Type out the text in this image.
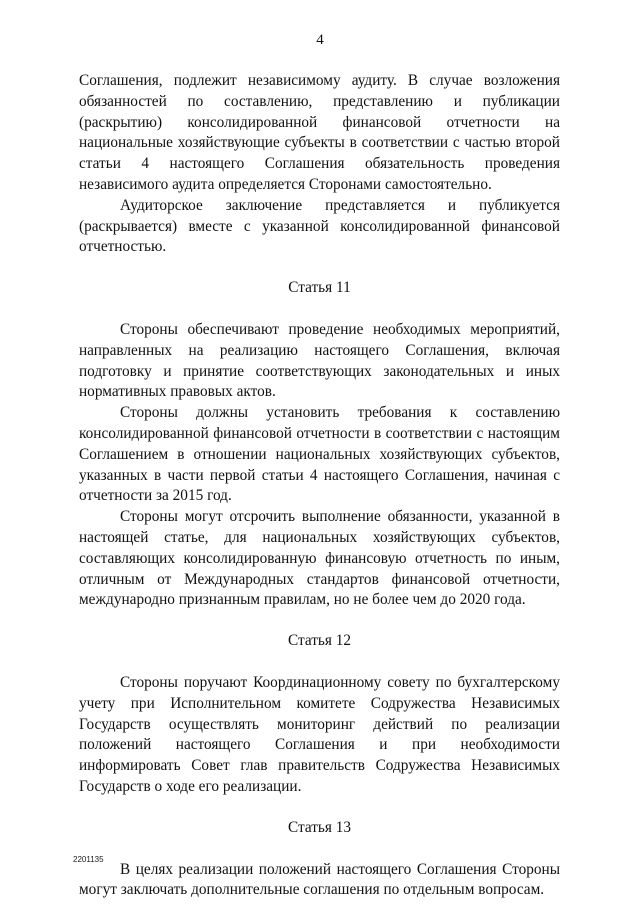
4

Соглашения, подлежит независимому аудиту. В случае возложения обязанностей по составлению, представлению и публикации (раскрытию) консолидированной финансовой отчетности на национальные хозяйствующие субъекты в соответствии с частью второй статьи 4 настоящего Соглашения обязательность проведения независимого аудита определяется Сторонами самостоятельно.

Аудиторское заключение представляется и публикуется (раскрывается) вместе с указанной консолидированной финансовой отчетностью.

Статья 11

Стороны обеспечивают проведение необходимых мероприятий, направленных на реализацию настоящего Соглашения, включая подготовку и принятие соответствующих законодательных и иных нормативных правовых актов.

Стороны должны установить требования к составлению консолидированной финансовой отчетности в соответствии с настоящим Соглашением в отношении национальных хозяйствующих субъектов, указанных в части первой статьи 4 настоящего Соглашения, начиная с отчетности за 2015 год.

Стороны могут отсрочить выполнение обязанности, указанной в настоящей статье, для национальных хозяйствующих субъектов, составляющих консолидированную финансовую отчетность по иным, отличным от Международных стандартов финансовой отчетности, международно признанным правилам, но не более чем до 2020 года.

Статья 12

Стороны поручают Координационному совету по бухгалтерскому учету при Исполнительном комитете Содружества Независимых Государств осуществлять мониторинг действий по реализации положений настоящего Соглашения и при необходимости информировать Совет глав правительств Содружества Независимых Государств о ходе его реализации.

Статья 13

В целях реализации положений настоящего Соглашения Стороны могут заключать дополнительные соглашения по отдельным вопросам.

2201135
